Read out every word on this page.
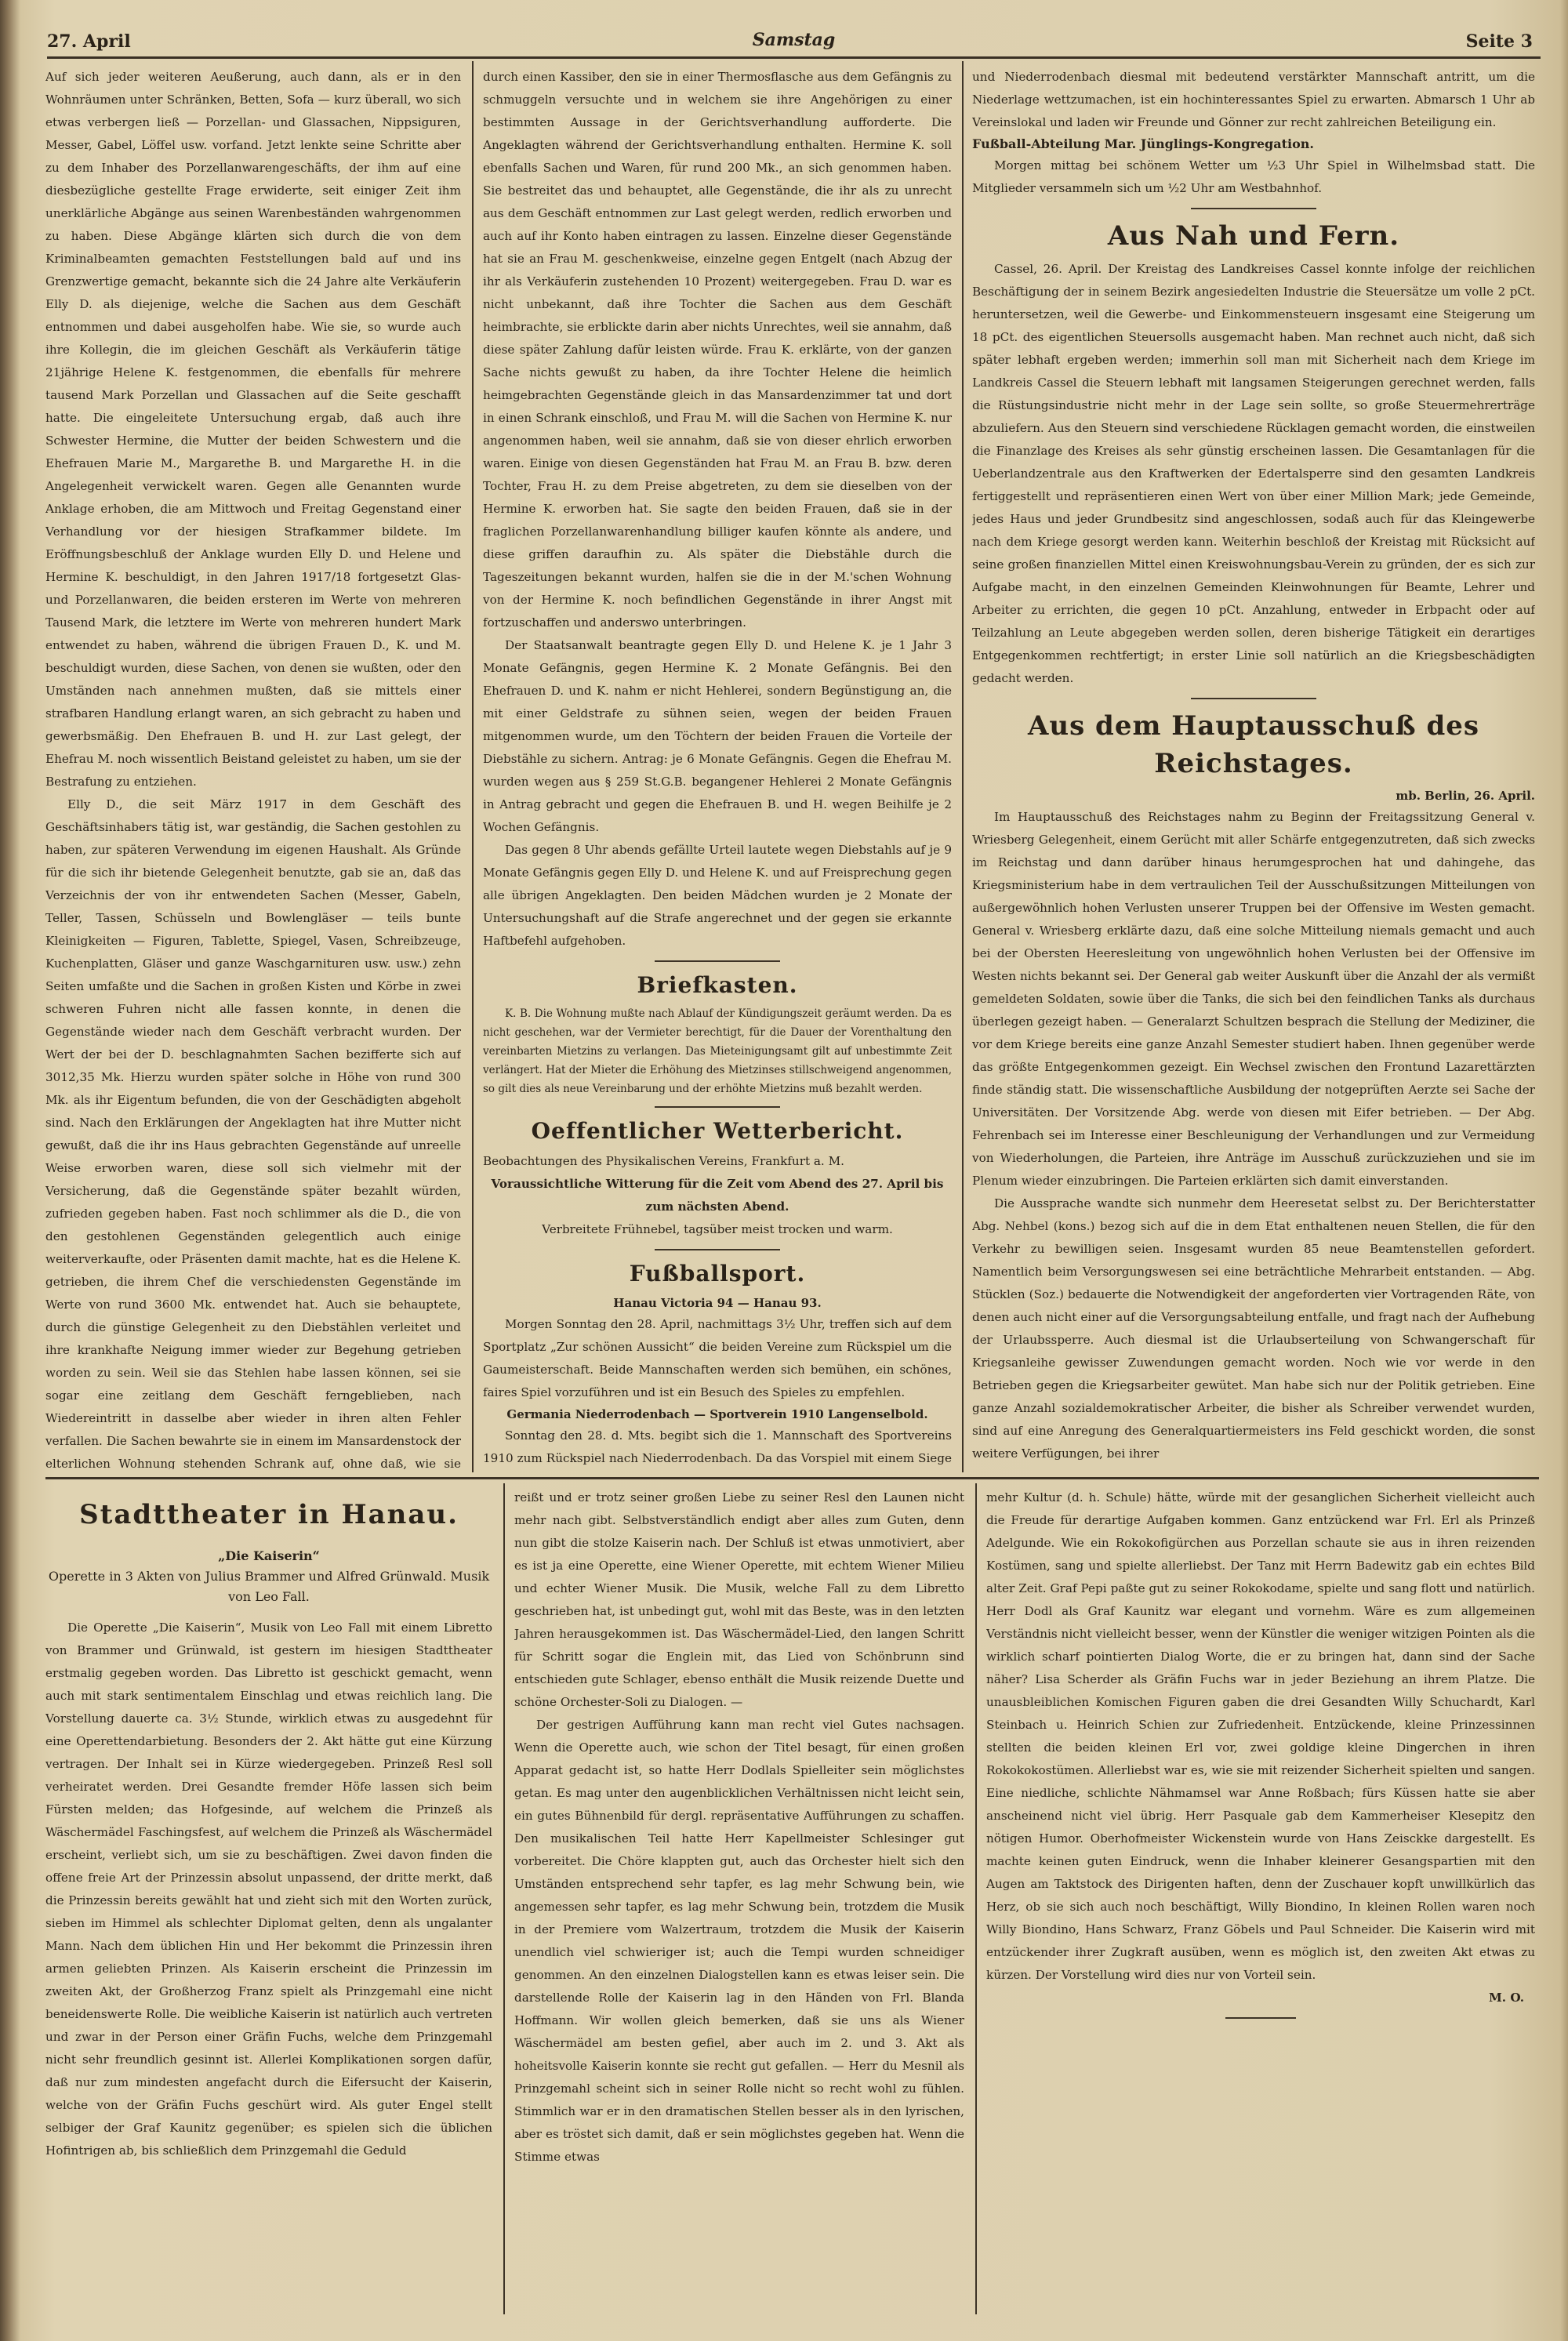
27. April	Samstag	Seite 3

Auf sich jeder weiteren Aeußerung, auch dann, als er in den Wohnräumen unter Schränken, Betten, Sofa — kurz überall, wo sich etwas verbergen ließ — Porzellan- und Glassachen, Nippsiguren, Messer, Gabel, Löffel usw. vorfand. Jetzt lenkte seine Schritte aber zu dem Inhaber des Porzellanwarengeschäfts, der ihm auf eine diesbezügliche gestellte Frage erwiderte, seit einiger Zeit ihm unerklärliche Abgänge aus seinen Warenbeständen wahrgenommen zu haben. Diese Abgänge klärten sich durch die von dem Kriminalbeamten gemachten Feststellungen bald auf und ins Grenzwertige gemacht, bekannte sich die 24 Jahre alte Verkäuferin Elly D. als diejenige, welche die Sachen aus dem Geschäft entnommen und dabei ausgeholfen habe. Wie sie, so wurde auch ihre Kollegin, die im gleichen Geschäft als Verkäuferin tätige 21jährige Helene K. festgenommen, die ebenfalls für mehrere tausend Mark Porzellan und Glassachen auf die Seite geschafft hatte. Die eingeleitete Untersuchung ergab, daß auch ihre Schwester Hermine, die Mutter der beiden Schwestern und die Ehefrauen Marie M., Margarethe B. und Margarethe H. in die Angelegenheit verwickelt waren. Gegen alle Genannten wurde Anklage erhoben, die am Mittwoch und Freitag Gegenstand einer Verhandlung vor der hiesigen Strafkammer bildete. Im Eröffnungsbeschluß der Anklage wurden Elly D. und Helene und Hermine K. beschuldigt, in den Jahren 1917/18 fortgesetzt Glas- und Porzellanwaren, die beiden ersteren im Werte von mehreren Tausend Mark, die letztere im Werte von mehreren hundert Mark entwendet zu haben, während die übrigen Frauen D., K. und M. beschuldigt wurden, diese Sachen, von denen sie wußten, oder den Umständen nach annehmen mußten, daß sie mittels einer strafbaren Handlung erlangt waren, an sich gebracht zu haben und gewerbsmäßig. Den Ehefrauen B. und H. zur Last gelegt, der Ehefrau M. noch wissentlich Beistand geleistet zu haben, um sie der Bestrafung zu entziehen.

Elly D., die seit März 1917 in dem Geschäft des Geschäftsinhabers tätig ist, war geständig, die Sachen gestohlen zu haben, zur späteren Verwendung im eigenen Haushalt. Als Gründe für die sich ihr bietende Gelegenheit benutzte, gab sie an, daß das Verzeichnis der von ihr entwendeten Sachen (Messer, Gabeln, Teller, Tassen, Schüsseln und Bowlengläser — teils bunte Kleinigkeiten — Figuren, Tablette, Spiegel, Vasen, Schreibzeuge, Kuchenplatten, Gläser und ganze Waschgarnituren usw. usw.) zehn Seiten umfaßte und die Sachen in großen Kisten und Körbe in zwei schweren Fuhren nicht alle fassen konnte, in denen die Gegenstände wieder nach dem Geschäft verbracht wurden. Der Wert der bei der D. beschlagnahmten Sachen bezifferte sich auf 3012,35 Mk. Hierzu wurden später solche in Höhe von rund 300 Mk. als ihr Eigentum befunden, die von der Geschädigten abgeholt sind. Nach den Erklärungen der Angeklagten hat ihre Mutter nicht gewußt, daß die ihr ins Haus gebrachten Gegenstände auf unreelle Weise erworben waren, diese soll sich vielmehr mit der Versicherung, daß die Gegenstände später bezahlt würden, zufrieden gegeben haben. Fast noch schlimmer als die D., die von den gestohlenen Gegenständen gelegentlich auch einige weiterverkaufte, oder Präsenten damit machte, hat es die Helene K. getrieben, die ihrem Chef die verschiedensten Gegenstände im Werte von rund 3600 Mk. entwendet hat. Auch sie behauptete, durch die günstige Gelegenheit zu den Diebstählen verleitet und ihre krankhafte Neigung immer wieder zur Begehung getrieben worden zu sein. Weil sie das Stehlen habe lassen können, sei sie sogar eine zeitlang dem Geschäft ferngeblieben, nach Wiedereintritt in dasselbe aber wieder in ihren alten Fehler verfallen. Die Sachen bewahrte sie in einem im Mansardenstock der elterlichen Wohnung stehenden Schrank auf, ohne daß, wie sie

durch einen Kassiber, den sie in einer Thermosflasche aus dem Gefängnis zu schmuggeln versuchte und in welchem sie ihre Angehörigen zu einer bestimmten Aussage in der Gerichtsverhandlung aufforderte. Die Angeklagten während der Gerichtsverhandlung enthalten. Hermine K. soll ebenfalls Sachen und Waren, für rund 200 Mk., an sich genommen haben. Sie bestreitet das und behauptet, alle Gegenstände, die ihr als zu unrecht aus dem Geschäft entnommen zur Last gelegt werden, redlich erworben und auch auf ihr Konto haben eintragen zu lassen. Einzelne dieser Gegenstände hat sie an Frau M. geschenkweise, einzelne gegen Entgelt (nach Abzug der ihr als Verkäuferin zustehenden 10 Prozent) weitergegeben. Frau D. war es nicht unbekannt, daß ihre Tochter die Sachen aus dem Geschäft heimbrachte, sie erblickte darin aber nichts Unrechtes, weil sie annahm, daß diese später Zahlung dafür leisten würde. Frau K. erklärte, von der ganzen Sache nichts gewußt zu haben, da ihre Tochter Helene die heimlich heimgebrachten Gegenstände gleich in das Mansardenzimmer tat und dort in einen Schrank einschloß, und Frau M. will die Sachen von Hermine K. nur angenommen haben, weil sie annahm, daß sie von dieser ehrlich erworben waren. Einige von diesen Gegenständen hat Frau M. an Frau B. bzw. deren Tochter, Frau H. zu dem Preise abgetreten, zu dem sie dieselben von der Hermine K. erworben hat. Sie sagte den beiden Frauen, daß sie in der fraglichen Porzellanwarenhandlung billiger kaufen könnte als andere, und diese griffen daraufhin zu. Als später die Diebstähle durch die Tageszeitungen bekannt wurden, halfen sie die in der M.'schen Wohnung von der Hermine K. noch befindlichen Gegenstände in ihrer Angst mit fortzuschaffen und anderswo unterbringen.

Der Staatsanwalt beantragte gegen Elly D. und Helene K. je 1 Jahr 3 Monate Gefängnis, gegen Hermine K. 2 Monate Gefängnis. Bei den Ehefrauen D. und K. nahm er nicht Hehlerei, sondern Begünstigung an, die mit einer Geldstrafe zu sühnen seien, wegen der beiden Frauen mitgenommen wurde, um den Töchtern der beiden Frauen die Vorteile der Diebstähle zu sichern. Antrag: je 6 Monate Gefängnis. Gegen die Ehefrau M. wurden wegen aus § 259 St.G.B. begangener Hehlerei 2 Monate Gefängnis in Antrag gebracht und gegen die Ehefrauen B. und H. wegen Beihilfe je 2 Wochen Gefängnis.

Das gegen 8 Uhr abends gefällte Urteil lautete wegen Diebstahls auf je 9 Monate Gefängnis gegen Elly D. und Helene K. und auf Freisprechung gegen alle übrigen Angeklagten. Den beiden Mädchen wurden je 2 Monate der Untersuchungshaft auf die Strafe angerechnet und der gegen sie erkannte Haftbefehl aufgehoben.

Briefkasten.

K. B. Die Wohnung mußte nach Ablauf der Kündigungszeit geräumt werden. Da es nicht geschehen, war der Vermieter berechtigt, für die Dauer der Vorenthaltung den vereinbarten Mietzins zu verlangen. Das Mieteinigungsamt gilt auf unbestimmte Zeit verlängert. Hat der Mieter die Erhöhung des Mietzinses stillschweigend angenommen, so gilt dies als neue Vereinbarung und der erhöhte Mietzins muß bezahlt werden.

Oeffentlicher Wetterbericht.

Beobachtungen des Physikalischen Vereins, Frankfurt a. M.

Voraussichtliche Witterung für die Zeit vom Abend des 27. April bis zum nächsten Abend.

Verbreitete Frühnebel, tagsüber meist trocken und warm.

Fußballsport.
Hanau Victoria 94 — Hanau 93.

Morgen Sonntag den 28. April, nachmittags 3½ Uhr, treffen sich auf dem Sportplatz „Zur schönen Aussicht“ die beiden Vereine zum Rückspiel um die Gaumeisterschaft. Beide Mannschaften werden sich bemühen, ein schönes, faires Spiel vorzuführen und ist ein Besuch des Spieles zu empfehlen.

Germania Niederrodenbach — Sportverein 1910 Langenselbold.

Sonntag den 28. d. Mts. begibt sich die 1. Mannschaft des Sportvereins 1910 zum Rückspiel nach Niederrodenbach. Da das Vorspiel mit einem Siege

und Niederrodenbach diesmal mit bedeutend verstärkter Mannschaft antritt, um die Niederlage wettzumachen, ist ein hochinteressantes Spiel zu erwarten. Abmarsch 1 Uhr ab Vereinslokal und laden wir Freunde und Gönner zur recht zahlreichen Beteiligung ein.

Fußball-Abteilung Mar. Jünglings-Kongregation.

Morgen mittag bei schönem Wetter um ½3 Uhr Spiel in Wilhelmsbad statt. Die Mitglieder versammeln sich um ½2 Uhr am Westbahnhof.

Aus Nah und Fern.

Cassel, 26. April. Der Kreistag des Landkreises Cassel konnte infolge der reichlichen Beschäftigung der in seinem Bezirk angesiedelten Industrie die Steuersätze um volle 2 pCt. heruntersetzen, weil die Gewerbe- und Einkommensteuern insgesamt eine Steigerung um 18 pCt. des eigentlichen Steuersolls ausgemacht haben. Man rechnet auch nicht, daß sich später lebhaft ergeben werden; immerhin soll man mit Sicherheit nach dem Kriege im Landkreis Cassel die Steuern lebhaft mit langsamen Steigerungen gerechnet werden, falls die Rüstungsindustrie nicht mehr in der Lage sein sollte, so große Steuermehrerträge abzuliefern. Aus den Steuern sind verschiedene Rücklagen gemacht worden, die einstweilen die Finanzlage des Kreises als sehr günstig erscheinen lassen. Die Gesamtanlagen für die Ueberlandzentrale aus den Kraftwerken der Edertalsperre sind den gesamten Landkreis fertiggestellt und repräsentieren einen Wert von über einer Million Mark; jede Gemeinde, jedes Haus und jeder Grundbesitz sind angeschlossen, sodaß auch für das Kleingewerbe nach dem Kriege gesorgt werden kann. Weiterhin beschloß der Kreistag mit Rücksicht auf seine großen finanziellen Mittel einen Kreiswohnungsbau-Verein zu gründen, der es sich zur Aufgabe macht, in den einzelnen Gemeinden Kleinwohnungen für Beamte, Lehrer und Arbeiter zu errichten, die gegen 10 pCt. Anzahlung, entweder in Erbpacht oder auf Teilzahlung an Leute abgegeben werden sollen, deren bisherige Tätigkeit ein derartiges Entgegenkommen rechtfertigt; in erster Linie soll natürlich an die Kriegsbeschädigten gedacht werden.

Aus dem Hauptausschuß des Reichstages.
mb. Berlin, 26. April.

Im Hauptausschuß des Reichstages nahm zu Beginn der Freitagssitzung General v. Wriesberg Gelegenheit, einem Gerücht mit aller Schärfe entgegenzutreten, daß sich zwecks im Reichstag und dann darüber hinaus herumgesprochen hat und dahingehe, das Kriegsministerium habe in dem vertraulichen Teil der Ausschußsitzungen Mitteilungen von außergewöhnlich hohen Verlusten unserer Truppen bei der Offensive im Westen gemacht. General v. Wriesberg erklärte dazu, daß eine solche Mitteilung niemals gemacht und auch bei der Obersten Heeresleitung von ungewöhnlich hohen Verlusten bei der Offensive im Westen nichts bekannt sei. Der General gab weiter Auskunft über die Anzahl der als vermißt gemeldeten Soldaten, sowie über die Tanks, die sich bei den feindlichen Tanks als durchaus überlegen gezeigt haben. — Generalarzt Schultzen besprach die Stellung der Mediziner, die vor dem Kriege bereits eine ganze Anzahl Semester studiert haben. Ihnen gegenüber werde das größte Entgegenkommen gezeigt. Ein Wechsel zwischen den Frontund Lazarettärzten finde ständig statt. Die wissenschaftliche Ausbildung der notgeprüften Aerzte sei Sache der Universitäten. Der Vorsitzende Abg. werde von diesen mit Eifer betrieben. — Der Abg. Fehrenbach sei im Interesse einer Beschleunigung der Verhandlungen und zur Vermeidung von Wiederholungen, die Parteien, ihre Anträge im Ausschuß zurückzuziehen und sie im Plenum wieder einzubringen. Die Parteien erklärten sich damit einverstanden.

Die Aussprache wandte sich nunmehr dem Heeresetat selbst zu. Der Berichterstatter Abg. Nehbel (kons.) bezog sich auf die in dem Etat enthaltenen neuen Stellen, die für den Verkehr zu bewilligen seien. Insgesamt wurden 85 neue Beamtenstellen gefordert. Namentlich beim Versorgungswesen sei eine beträchtliche Mehrarbeit entstanden. — Abg. Stücklen (Soz.) bedauerte die Notwendigkeit der angeforderten vier Vortragenden Räte, von denen auch nicht einer auf die Versorgungsabteilung entfalle, und fragt nach der Aufhebung der Urlaubssperre. Auch diesmal ist die Urlaubserteilung von Schwangerschaft für Kriegsanleihe gewisser Zuwendungen gemacht worden. Noch wie vor werde in den Betrieben gegen die Kriegsarbeiter gewütet. Man habe sich nur der Politik getrieben. Eine ganze Anzahl sozialdemokratischer Arbeiter, die bisher als Schreiber verwendet wurden, sind auf eine Anregung des Generalquartiermeisters ins Feld geschickt worden, die sonst weitere Verfügungen, bei ihrer

Stadttheater in Hanau.
„Die Kaiserin“
Operette in 3 Akten von Julius Brammer und Alfred Grünwald. Musik von Leo Fall.

Die Operette „Die Kaiserin“, Musik von Leo Fall mit einem Libretto von Brammer und Grünwald, ist gestern im hiesigen Stadttheater erstmalig gegeben worden. Das Libretto ist geschickt gemacht, wenn auch mit stark sentimentalem Einschlag und etwas reichlich lang. Die Vorstellung dauerte ca. 3½ Stunde, wirklich etwas zu ausgedehnt für eine Operettendarbietung. Besonders der 2. Akt hätte gut eine Kürzung vertragen. Der Inhalt sei in Kürze wiedergegeben. Prinzeß Resl soll verheiratet werden. Drei Gesandte fremder Höfe lassen sich beim Fürsten melden; das Hofgesinde, auf welchem die Prinzeß als Wäschermädel Faschingsfest, auf welchem die Prinzeß als Wäschermädel erscheint, verliebt sich, um sie zu beschäftigen. Zwei davon finden die offene freie Art der Prinzessin absolut unpassend, der dritte merkt, daß die Prinzessin bereits gewählt hat und zieht sich mit den Worten zurück, sieben im Himmel als schlechter Diplomat gelten, denn als ungalanter Mann. Nach dem üblichen Hin und Her bekommt die Prinzessin ihren armen geliebten Prinzen. Als Kaiserin erscheint die Prinzessin im zweiten Akt, der Großherzog Franz spielt als Prinzgemahl eine nicht beneidenswerte Rolle. Die weibliche Kaiserin ist natürlich auch vertreten und zwar in der Person einer Gräfin Fuchs, welche dem Prinzgemahl nicht sehr freundlich gesinnt ist. Allerlei Komplikationen sorgen dafür, daß nur zum mindesten angefacht durch die Eifersucht der Kaiserin, welche von der Gräfin Fuchs geschürt wird. Als guter Engel stellt selbiger der Graf Kaunitz gegenüber; es spielen sich die üblichen Hofintrigen ab, bis schließlich dem Prinzgemahl die Geduld

reißt und er trotz seiner großen Liebe zu seiner Resl den Launen nicht mehr nach gibt. Selbstverständlich endigt aber alles zum Guten, denn nun gibt die stolze Kaiserin nach. Der Schluß ist etwas unmotiviert, aber es ist ja eine Operette, eine Wiener Operette, mit echtem Wiener Milieu und echter Wiener Musik. Die Musik, welche Fall zu dem Libretto geschrieben hat, ist unbedingt gut, wohl mit das Beste, was in den letzten Jahren herausgekommen ist. Das Wäschermädel-Lied, den langen Schritt für Schritt sogar die Englein mit, das Lied von Schönbrunn sind entschieden gute Schlager, ebenso enthält die Musik reizende Duette und schöne Orchester-Soli zu Dialogen. —

Der gestrigen Aufführung kann man recht viel Gutes nachsagen. Wenn die Operette auch, wie schon der Titel besagt, für einen großen Apparat gedacht ist, so hatte Herr Dodlals Spielleiter sein möglichstes getan. Es mag unter den augenblicklichen Verhältnissen nicht leicht sein, ein gutes Bühnenbild für dergl. repräsentative Aufführungen zu schaffen. Den musikalischen Teil hatte Herr Kapellmeister Schlesinger gut vorbereitet. Die Chöre klappten gut, auch das Orchester hielt sich den Umständen entsprechend sehr tapfer, es lag mehr Schwung bein, wie angemessen sehr tapfer, es lag mehr Schwung bein, trotzdem die Musik in der Premiere vom Walzertraum, trotzdem die Musik der Kaiserin unendlich viel schwieriger ist; auch die Tempi wurden schneidiger genommen. An den einzelnen Dialogstellen kann es etwas leiser sein. Die darstellende Rolle der Kaiserin lag in den Händen von Frl. Blanda Hoffmann. Wir wollen gleich bemerken, daß sie uns als Wiener Wäschermädel am besten gefiel, aber auch im 2. und 3. Akt als hoheitsvolle Kaiserin konnte sie recht gut gefallen. — Herr du Mesnil als Prinzgemahl scheint sich in seiner Rolle nicht so recht wohl zu fühlen. Stimmlich war er in den dramatischen Stellen besser als in den lyrischen, aber es tröstet sich damit, daß er sein möglichstes gegeben hat. Wenn die Stimme etwas

mehr Kultur (d. h. Schule) hätte, würde mit der gesanglichen Sicherheit vielleicht auch die Freude für derartige Aufgaben kommen. Ganz entzückend war Frl. Erl als Prinzeß Adelgunde. Wie ein Rokokofigürchen aus Porzellan schaute sie aus in ihren reizenden Kostümen, sang und spielte allerliebst. Der Tanz mit Herrn Badewitz gab ein echtes Bild alter Zeit. Graf Pepi paßte gut zu seiner Rokokodame, spielte und sang flott und natürlich. Herr Dodl als Graf Kaunitz war elegant und vornehm. Wäre es zum allgemeinen Verständnis nicht vielleicht besser, wenn der Künstler die weniger witzigen Pointen als die wirklich scharf pointierten Dialog Worte, die er zu bringen hat, dann sind der Sache näher? Lisa Scherder als Gräfin Fuchs war in jeder Beziehung an ihrem Platze. Die unausbleiblichen Komischen Figuren gaben die drei Gesandten Willy Schuchardt, Karl Steinbach u. Heinrich Schien zur Zufriedenheit. Entzückende, kleine Prinzessinnen stellten die beiden kleinen Erl vor, zwei goldige kleine Dingerchen in ihren Rokokokostümen. Allerliebst war es, wie sie mit reizender Sicherheit spielten und sangen. Eine niedliche, schlichte Nähmamsel war Anne Roßbach; fürs Küssen hatte sie aber anscheinend nicht viel übrig. Herr Pasquale gab dem Kammerheiser Klesepitz den nötigen Humor. Oberhofmeister Wickenstein wurde von Hans Zeisckke dargestellt. Es machte keinen guten Eindruck, wenn die Inhaber kleinerer Gesangspartien mit den Augen am Taktstock des Dirigenten haften, denn der Zuschauer kopft unwillkürlich das Herz, ob sie sich auch noch beschäftigt, Willy Biondino, In kleinen Rollen waren noch Willy Biondino, Hans Schwarz, Franz Göbels und Paul Schneider. Die Kaiserin wird mit entzückender ihrer Zugkraft ausüben, wenn es möglich ist, den zweiten Akt etwas zu kürzen. Der Vorstellung wird dies nur von Vorteil sein.

M. O.
